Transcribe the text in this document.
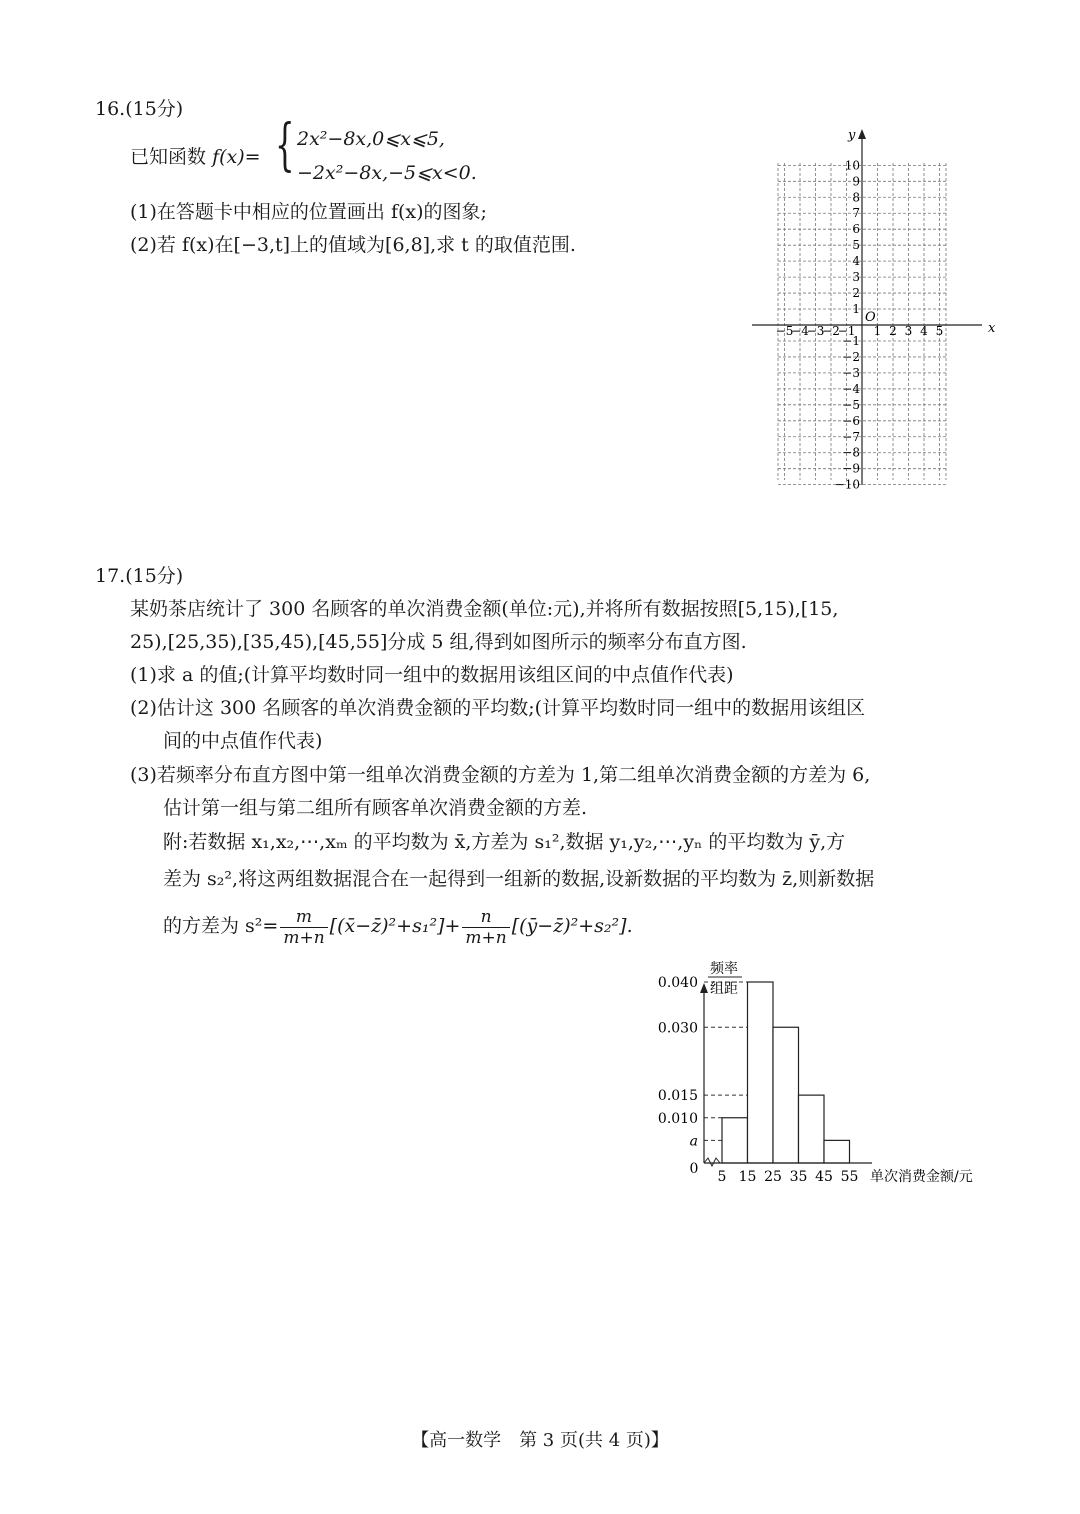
16.(15分)
已知函数 f(x)= { 2x²−8x,0⩽x⩽5,
−2x²−8x,−5⩽x<0.
(1)在答题卡中相应的位置画出 f(x)的图象;
(2)若 f(x)在[−3,t]上的值域为[6,8],求 t 的取值范围.
x
y
O
−5
−4
−3
−2
−1 1 2 3 4 5
10
9
8
7
6
5
4
3
2
1
−1
−2
−3
−4
−5
−6
−7
−8
−9
−10
17.(15分)
某奶茶店统计了 300 名顾客的单次消费金额(单位:元),并将所有数据按照[5,15),[15,
25),[25,35),[35,45),[45,55]分成 5 组,得到如图所示的频率分布直方图.
(1)求 a 的值;(计算平均数时同一组中的数据用该组区间的中点值作代表)
(2)估计这 300 名顾客的单次消费金额的平均数;(计算平均数时同一组中的数据用该组区
间的中点值作代表)
(3)若频率分布直方图中第一组单次消费金额的方差为 1,第二组单次消费金额的方差为 6,
估计第一组与第二组所有顾客单次消费金额的方差.
附:若数据 x₁,x₂,⋯,xₘ 的平均数为 x̄,方差为 s₁²,数据 y₁,y₂,⋯,yₙ 的平均数为 ȳ,方
差为 s₂²,将这两组数据混合在一起得到一组新的数据,设新数据的平均数为 z̄,则新数据
的方差为 $s^2= \frac{m}{m+n}$ [(x̄−z̄)²+s₁²]+ $\frac{n}{m+n}$ [(ȳ−z̄)²+s₂²].
a
0.010
0.015
0.030
0.040
频率
组距
0 5 15 25 35 45 55 单次消费金额/元
【高一数学　第 3 页(共 4 页)】
